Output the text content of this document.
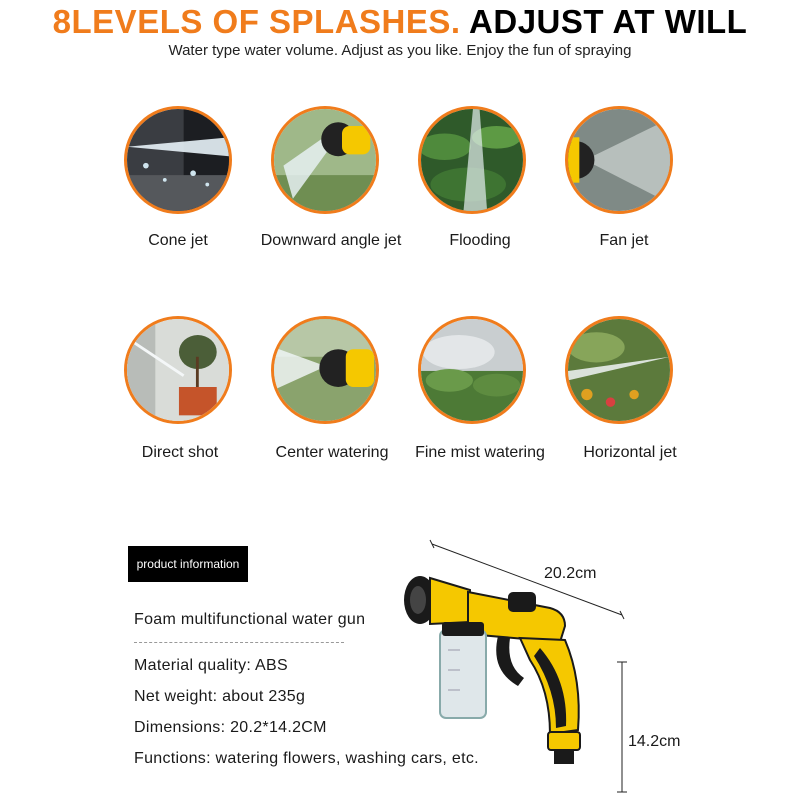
8LEVELS OF SPLASHES. ADJUST AT WILL
Water type water volume. Adjust as you like. Enjoy the fun of spraying
Cone jet	Downward angle jet	Flooding	Fan jet
Direct shot	Center watering	Fine mist watering	Horizontal jet
product information
Foam multifunctional water gun
Material quality: ABS
Net weight: about 235g
Dimensions: 20.2*14.2CM
Functions: watering flowers, washing cars, etc.
20.2cm
14.2cm
